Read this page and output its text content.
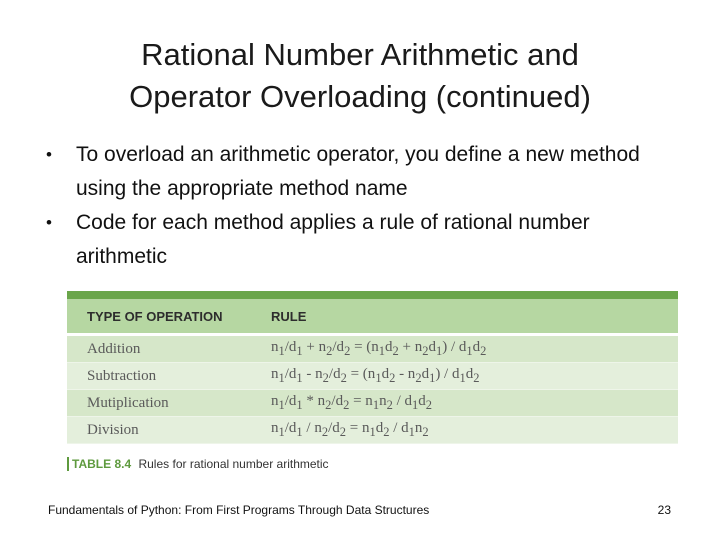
Rational Number Arithmetic and
Operator Overloading (continued)
• To overload an arithmetic operator, you define a new method using the appropriate method name
• Code for each method applies a rule of rational number arithmetic
TYPE OF OPERATION	RULE
Addition	$n_1/d_1 + n_2/d_2 = (n_1d_2 + n_2d_1) / d_1d_2$
Subtraction	$n_1/d_1 - n_2/d_2 = (n_1d_2 - n_2d_1) / d_1d_2$
Mutiplication	$n_1/d_1 * n_2/d_2 = n_1n_2 / d_1d_2$
Division	$n_1/d_1 / n_2/d_2 = n_1d_2 / d_1n_2$
TABLE 8.4 Rules for rational number arithmetic
Fundamentals of Python: From First Programs Through Data Structures	23
